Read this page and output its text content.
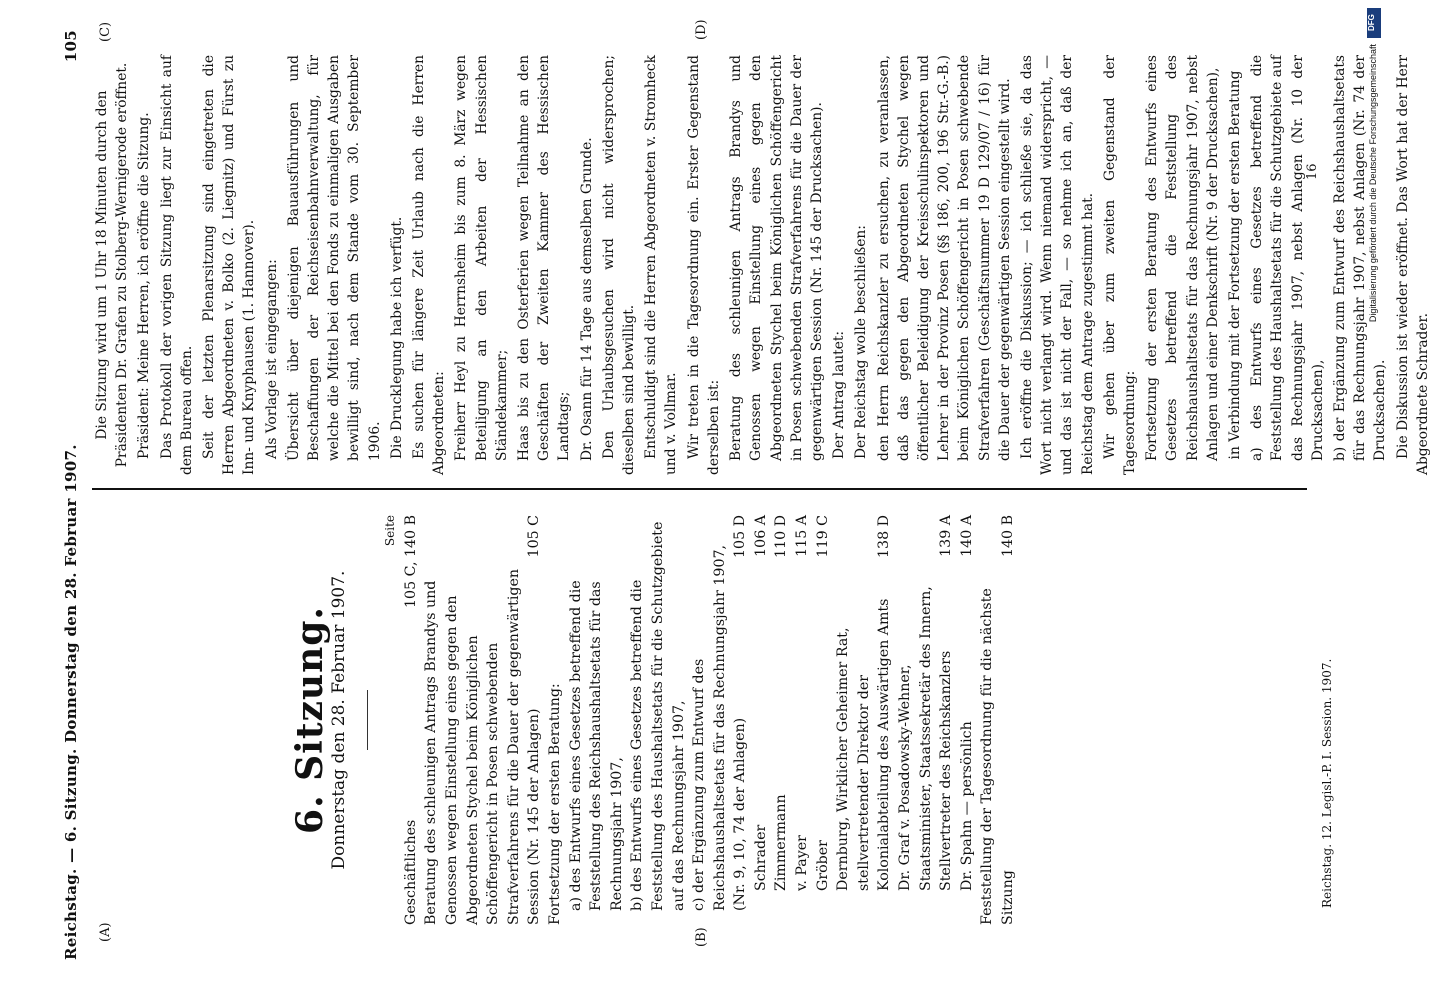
Reichstag. — 6. Sitzung. Donnerstag den 28. Februar 1907.
105
(A)	(B)
(C)	(D)
6. Sitzung.
Donnerstag den 28. Februar 1907.
Seite
Geschäftliches
105 C, 140 B
Beratung des schleunigen Antrags Brandys und Genossen wegen Einstellung eines gegen den Abgeordneten Stychel beim Königlichen Schöffengericht in Posen schwebenden Strafverfahrens für die Dauer der gegenwärtigen Session (Nr. 145 der Anlagen)
105 C
Fortsetzung der ersten Beratung: a) des Entwurfs eines Gesetzes betreffend die Feststellung des Reichshaushaltsetats für das Rechnungsjahr 1907, b) des Entwurfs eines Gesetzes betreffend die Feststellung des Haushaltsetats für die Schutzgebiete auf das Rechnungsjahr 1907, c) der Ergänzung zum Entwurf des Reichshaushaltsetats für das Rechnungsjahr 1907, (Nr. 9, 10, 74 der Anlagen)
105 D
Schrader
106 A
Zimmermann
110 D
v. Payer
115 A
Gröber
119 C
Dernburg, Wirklicher Geheimer Rat, stellvertretender Direktor der Kolonialabteilung des Auswärtigen Amts
138 D
Dr. Graf v. Posadowsky-Wehner, Staatsminister, Staatssekretär des Innern, Stellvertreter des Reichskanzlers
139 A
Dr. Spahn — persönlich
140 A
Feststellung der Tagesordnung für die nächste Sitzung
140 B

Die Sitzung wird um 1 Uhr 18 Minuten durch den Präsidenten Dr. Grafen zu Stolberg-Wernigerode eröffnet. Präsident: Meine Herren, ich eröffne die Sitzung. Das Protokoll der vorigen Sitzung liegt zur Einsicht auf dem Bureau offen. Seit der letzten Plenarsitzung sind eingetreten die Herren Abgeordneten v. Bolko (2. Liegnitz) und Fürst zu Inn- und Knyphausen (1. Hannover). Als Vorlage ist eingegangen: Übersicht über diejenigen Bauausführungen und Beschaffungen der Reichseisenbahnverwaltung, für welche die Mittel bei den Fonds zu einmaligen Ausgaben bewilligt sind, nach dem Stande vom 30. September 1906. Die Drucklegung habe ich verfügt. Es suchen für längere Zeit Urlaub nach die Herren Abgeordneten: Freiherr Heyl zu Herrnsheim bis zum 8. März wegen Beteiligung an den Arbeiten der Hessischen Ständekammer; Haas bis zu den Osterferien wegen Teilnahme an den Geschäften der Zweiten Kammer des Hessischen Landtags; Dr. Osann für 14 Tage aus demselben Grunde. Den Urlaubsgesuchen wird nicht widersprochen; dieselben sind bewilligt. Entschuldigt sind die Herren Abgeordneten v. Stromheck und v. Vollmar. Wir treten in die Tagesordnung ein. Erster Gegenstand derselben ist: Beratung des schleunigen Antrags Brandys und Genossen wegen Einstellung eines gegen den Abgeordneten Stychel beim Königlichen Schöffengericht in Posen schwebenden Strafverfahrens für die Dauer der gegenwärtigen Session (Nr. 145 der Drucksachen). Der Antrag lautet: Der Reichstag wolle beschließen: den Herrn Reichskanzler zu ersuchen, zu veranlassen, daß das gegen den Abgeordneten Stychel wegen öffentlicher Beleidigung der Kreisschulinspektoren und Lehrer in der Provinz Posen (§§ 186, 200, 196 Str.-G.-B.) beim Königlichen Schöffengericht in Posen schwebende Strafverfahren (Geschäftsnummer 19 D 129/07 / 16) für die Dauer der gegenwärtigen Session eingestellt wird. Ich eröffne die Diskussion; — ich schließe sie, da das Wort nicht verlangt wird. Wenn niemand widerspricht, — und das ist nicht der Fall, — so nehme ich an, daß der Reichstag dem Antrage zugestimmt hat. Wir gehen über zum zweiten Gegenstand der Tagesordnung: Fortsetzung der ersten Beratung des Entwurfs eines Gesetzes betreffend die Feststellung des Reichshaushaltsetats für das Rechnungsjahr 1907, nebst Anlagen und einer Denkschrift (Nr. 9 der Drucksachen), in Verbindung mit der Fortsetzung der ersten Beratung a) des Entwurfs eines Gesetzes betreffend die Feststellung des Haushaltsetats für die Schutzgebiete auf das Rechnungsjahr 1907, nebst Anlagen (Nr. 10 der Drucksachen), b) der Ergänzung zum Entwurf des Reichshaushaltsetats für das Rechnungsjahr 1907, nebst Anlagen (Nr. 74 der Drucksachen). Die Diskussion ist wieder eröffnet. Das Wort hat der Herr Abgeordnete Schrader.

16
Reichstag. 12. Legisl.-P. I. Session. 1907.
DFG
Digitalisierung gefördert durch die Deutsche Forschungsgemeinschaft
